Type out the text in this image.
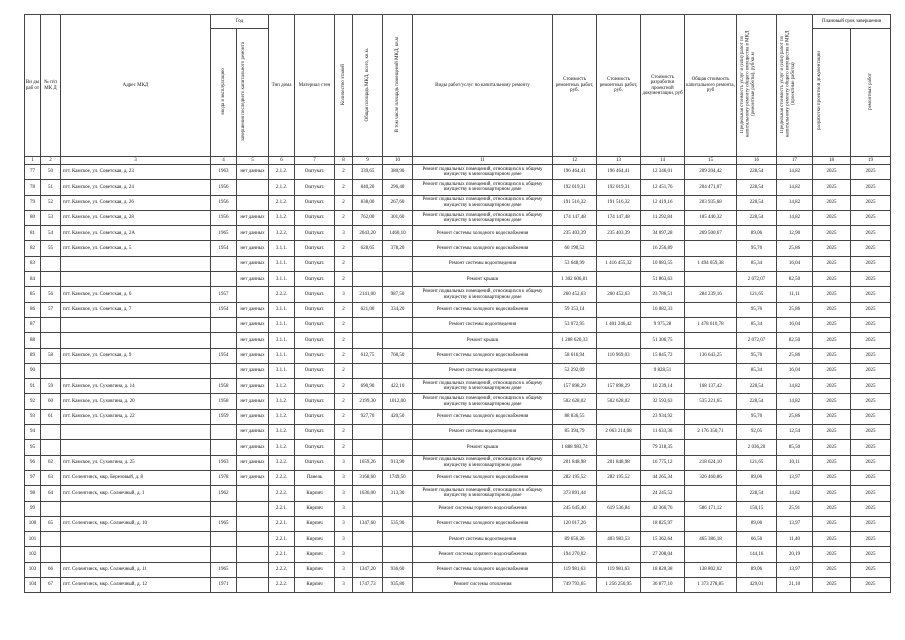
Ви ды раб от	№ п/п МК Д	Адрес МКД	Год		Тип домa	Материал стен	Количество этажей	Общая площадь МКД, всего, кв.м.	В том числе площадь помещений МКД, кв.м	Виды работ/услуг по капитальному ремонту	Стоимость ремонтных работ, руб.	Стоимость ремонтных работ, руб.	Стоимость разработки проектной документации, руб	Общая стоимость капитального ремонта, руб	Предельная стоимость услуг и (или) работ по капитальному ремонту общего имущества в МКД (ремонтные работы), руб/кв.м	Предельная стоимость услуг и (или) работ по капитальному ремонту общего имущества в МКД (проектные работы)	Плановый срок завершения	
			ввода в эксплуатацию	завершения последнего капитального ремонта													разработки проектной документации	ремонтных работ
1	2	3	4	5	6	7	8	9	10	11	12	13	14	15	16	17	18	19
77	50	пгт. Камское, ул. Советская, д. 23	1963	нет данных	2.1.2.	Оштукат.	2	339,65	380,90	Ремонт подвальных помещений, относящихся к общему имуществу в многоквартирном доме	196 464,41	196 464,41	12 346,01	209 204,42	228,54	14,82	2025	2025
78	51	пгт. Камское, ул. Советская, д. 24	1956		2.1.2.	Оштукат.	2	840,20	296,40	Ремонт подвальных помещений, относящихся к общему имуществу в многоквартирном доме	192 019,31	192 019,31	12 451,76	204 471,07	228,54	14,82	2025	2025
79	52	пгт. Камское, ул. Советская, д. 26	1956		2.1.2.	Оштукат.	2	838,00	267,60	Ремонт подвальных помещений, относящихся к общему имуществу в многоквартирном доме	191 516,32	191 516,32	12 419,16	203 935,68	228,54	14,82	2025	2025
80	53	пгт. Камское, ул. Советская, д. 28	1956	нет данных	3.1.2.	Оштукат.	2	762,00	301,60	Ремонт подвальных помещений, относящихся к общему имуществу в многоквартирном доме	174 147,48	174 147,48	11 292,84	185 440,32	228,54	14,82	2025	2025
81	54	пгт. Камское, ул. Советская, д. 2А	1965	нет данных	3.2.2.	Оштукат.	3	2643,20	1460,10	Ремонт системы холодного водоснабжения	235 403,39	235 403,39	34 097,28	269 500,67	89,06	12,90	2025	2025
82	55	пгт. Камское, ул. Советская, д. 5	1954	нет данных	3.1.1.	Оштукат.	2	628,65	378,20	Ремонт системы холодного водоснабжения	60 190,52		16 256,89		95,76	25,86	2025	2025
83				нет данных	3.1.1.	Оштукат.	2			Ремонт системы водоотведения	53 648,99	1 416 455,32	10 083,55	1 494 659,38	85,34	16,04	2025	2025
84				нет данных	3.1.1.	Оштукат.	2			Ремонт крыши	1 302 606,81		51 863,63		2 072,07	82,50	2025	2025
85	56	пгт. Камское, ул. Советская, д. 6	1957		2.2.2.	Оштукат.	3	2141,00	987,50	Ремонт подвальных помещений, относящихся к общему имуществу в многоквартирном доме	260 452,63	260 452,63	23 786,51	284 239,16	121,65	11,11	2025	2025
86	57	пгт. Камское, ул. Советская, д. 7	1954	нет данных	3.1.1.	Оштукат.	2	621,00	334,20	Ремонт системы холодного водоснабжения	59 353,14		16 082,33		95,76	25,86	2025	2025
87				нет данных	3.1.1.	Оштукат.	2			Ремонт системы водоотведения	53 072,95	1 401 246,42	9 975,28	1 478 610,78	85,34	16,04	2025	2025
88				нет данных	3.1.1.	Оштукат.	2			Ремонт крыши	1 288 620,33		51 306,75		2 072,07	82,50	2025	2025
89	58	пгт. Камское, ул. Советская, д. 9	1954	нет данных	3.1.1.	Оштукат.	2	612,75	768,50	Ремонт системы холодного водоснабжения	58 616,94	110 969,03	15 845,72	136 643,25	95,76	25,86	2025	2025
90				нет данных	3.1.1.	Оштукат.	2			Ремонт системы водоотведения	52 292,09		9 828,51		85,34	16,04	2025	2025
91	59	пгт. Камское, ул. Суховгина, д. 14	1958	нет данных	3.1.2.	Оштукат.	2	690,90	422,10	Ремонт подвальных помещений, относящихся к общему имуществу в многоквартирном доме	157 898,29	157 898,29	10 239,14	168 137,42	228,54	14,82	2025	2025
92	60	пгт. Камское, ул. Суховгина, д. 20	1958	нет данных	3.1.2.	Оштукат.	2	2199,30	1012,00	Ремонт подвальных помещений, относящихся к общему имуществу в многоквартирном доме	502 628,02	502 628,02	32 593,63	535 221,65	228,54	14,82	2025	2025
93	61	пгт. Камское, ул. Суховгина, д. 22	1959	нет данных	3.1.2.	Оштукат.	2	927,70	420,50	Ремонт системы холодного водоснабжения	88 836,55		23 934,92		95,76	25,86	2025	2025
94				нет данных	3.1.2.	Оштукат.	2			Ремонт системы водоотведения	85 394,79	2 063 214,08	11 633,36	2 176 350,71	92,05	12,54	2025	2025
95				нет данных	3.1.2.	Оштукат.	2			Ремонт крыши	1 888 983,74		79 318,35		2 036,20	85,50	2025	2025
96	62	пгт. Камское, ул. Суховгина, д. 25	1963	нет данных	3.2.2.	Оштукат.	3	1659,26	913,90	Ремонт подвальных помещений, относящихся к общему имуществу в многоквартирном доме	201 848,98	201 848,98	16 775,12	218 624,10	121,65	10,11	2025	2025
97	63	пгт. Селенгинск, мкр. Березовый, д. 8	1978	нет данных	2.2.2.	Панель	3	3168,60	1749,50	Ремонт системы холодного водоснабжения	282 195,52	282 195,52	44 265,34	326 460,86	89,06	13,97	2025	2025
98	64	пгт. Селенгинск, мкр. Солнечный, д. 1	1962		2.2.2.	Кирпич	3	1636,00	313,30	Ремонт подвальных помещений, относящихся к общему имуществу в многоквартирном доме	373 891,44		24 245,52		228,54	14,82	2025	2025
99					2.2.1.	Кирпич	3			Ремонт системы горячего водоснабжения	245 645,40	619 536,84	42 366,76	586 171,12	150,15	25,91	2025	2025
100	65	пгт. Селенгинск, мкр. Солнечный, д. 10	1965		2.2.1.	Кирпич	3	1347,60	535,90	Ремонт системы холодного водоснабжения	120 017,26		18 825,97		89,06	13,97	2025	2025
101					2.2.1.	Кирпич	3			Ремонт системы водоотведения	89 656,26	403 983,53	15 362,64	465 386,18	66,56	11,40	2025	2025
102					2.2.1.	Кирпич	3			Ремонт системы горячего водоснабжения	194 270,02		27 208,04		144,16	20,19	2025	2025
103	66	пгт. Селенгинск, мкр. Солнечный, д. 11	1965		2.2.2.	Кирпич	3	1347,20	936,60	Ремонт системы холодного водоснабжения	119 981,63	119 981,63	18 820,38	138 802,02	89,06	13,97	2025	2025
104	67	пгт. Селенгинск, мкр. Солнечный, д. 12	1971		2.2.2.	Кирпич	3	1747,73	935,80	Ремонт системы отопления	749 793,65	1 256 250,95	36 877,10	1 373 278,85	429,01	21,10	2025	2025
